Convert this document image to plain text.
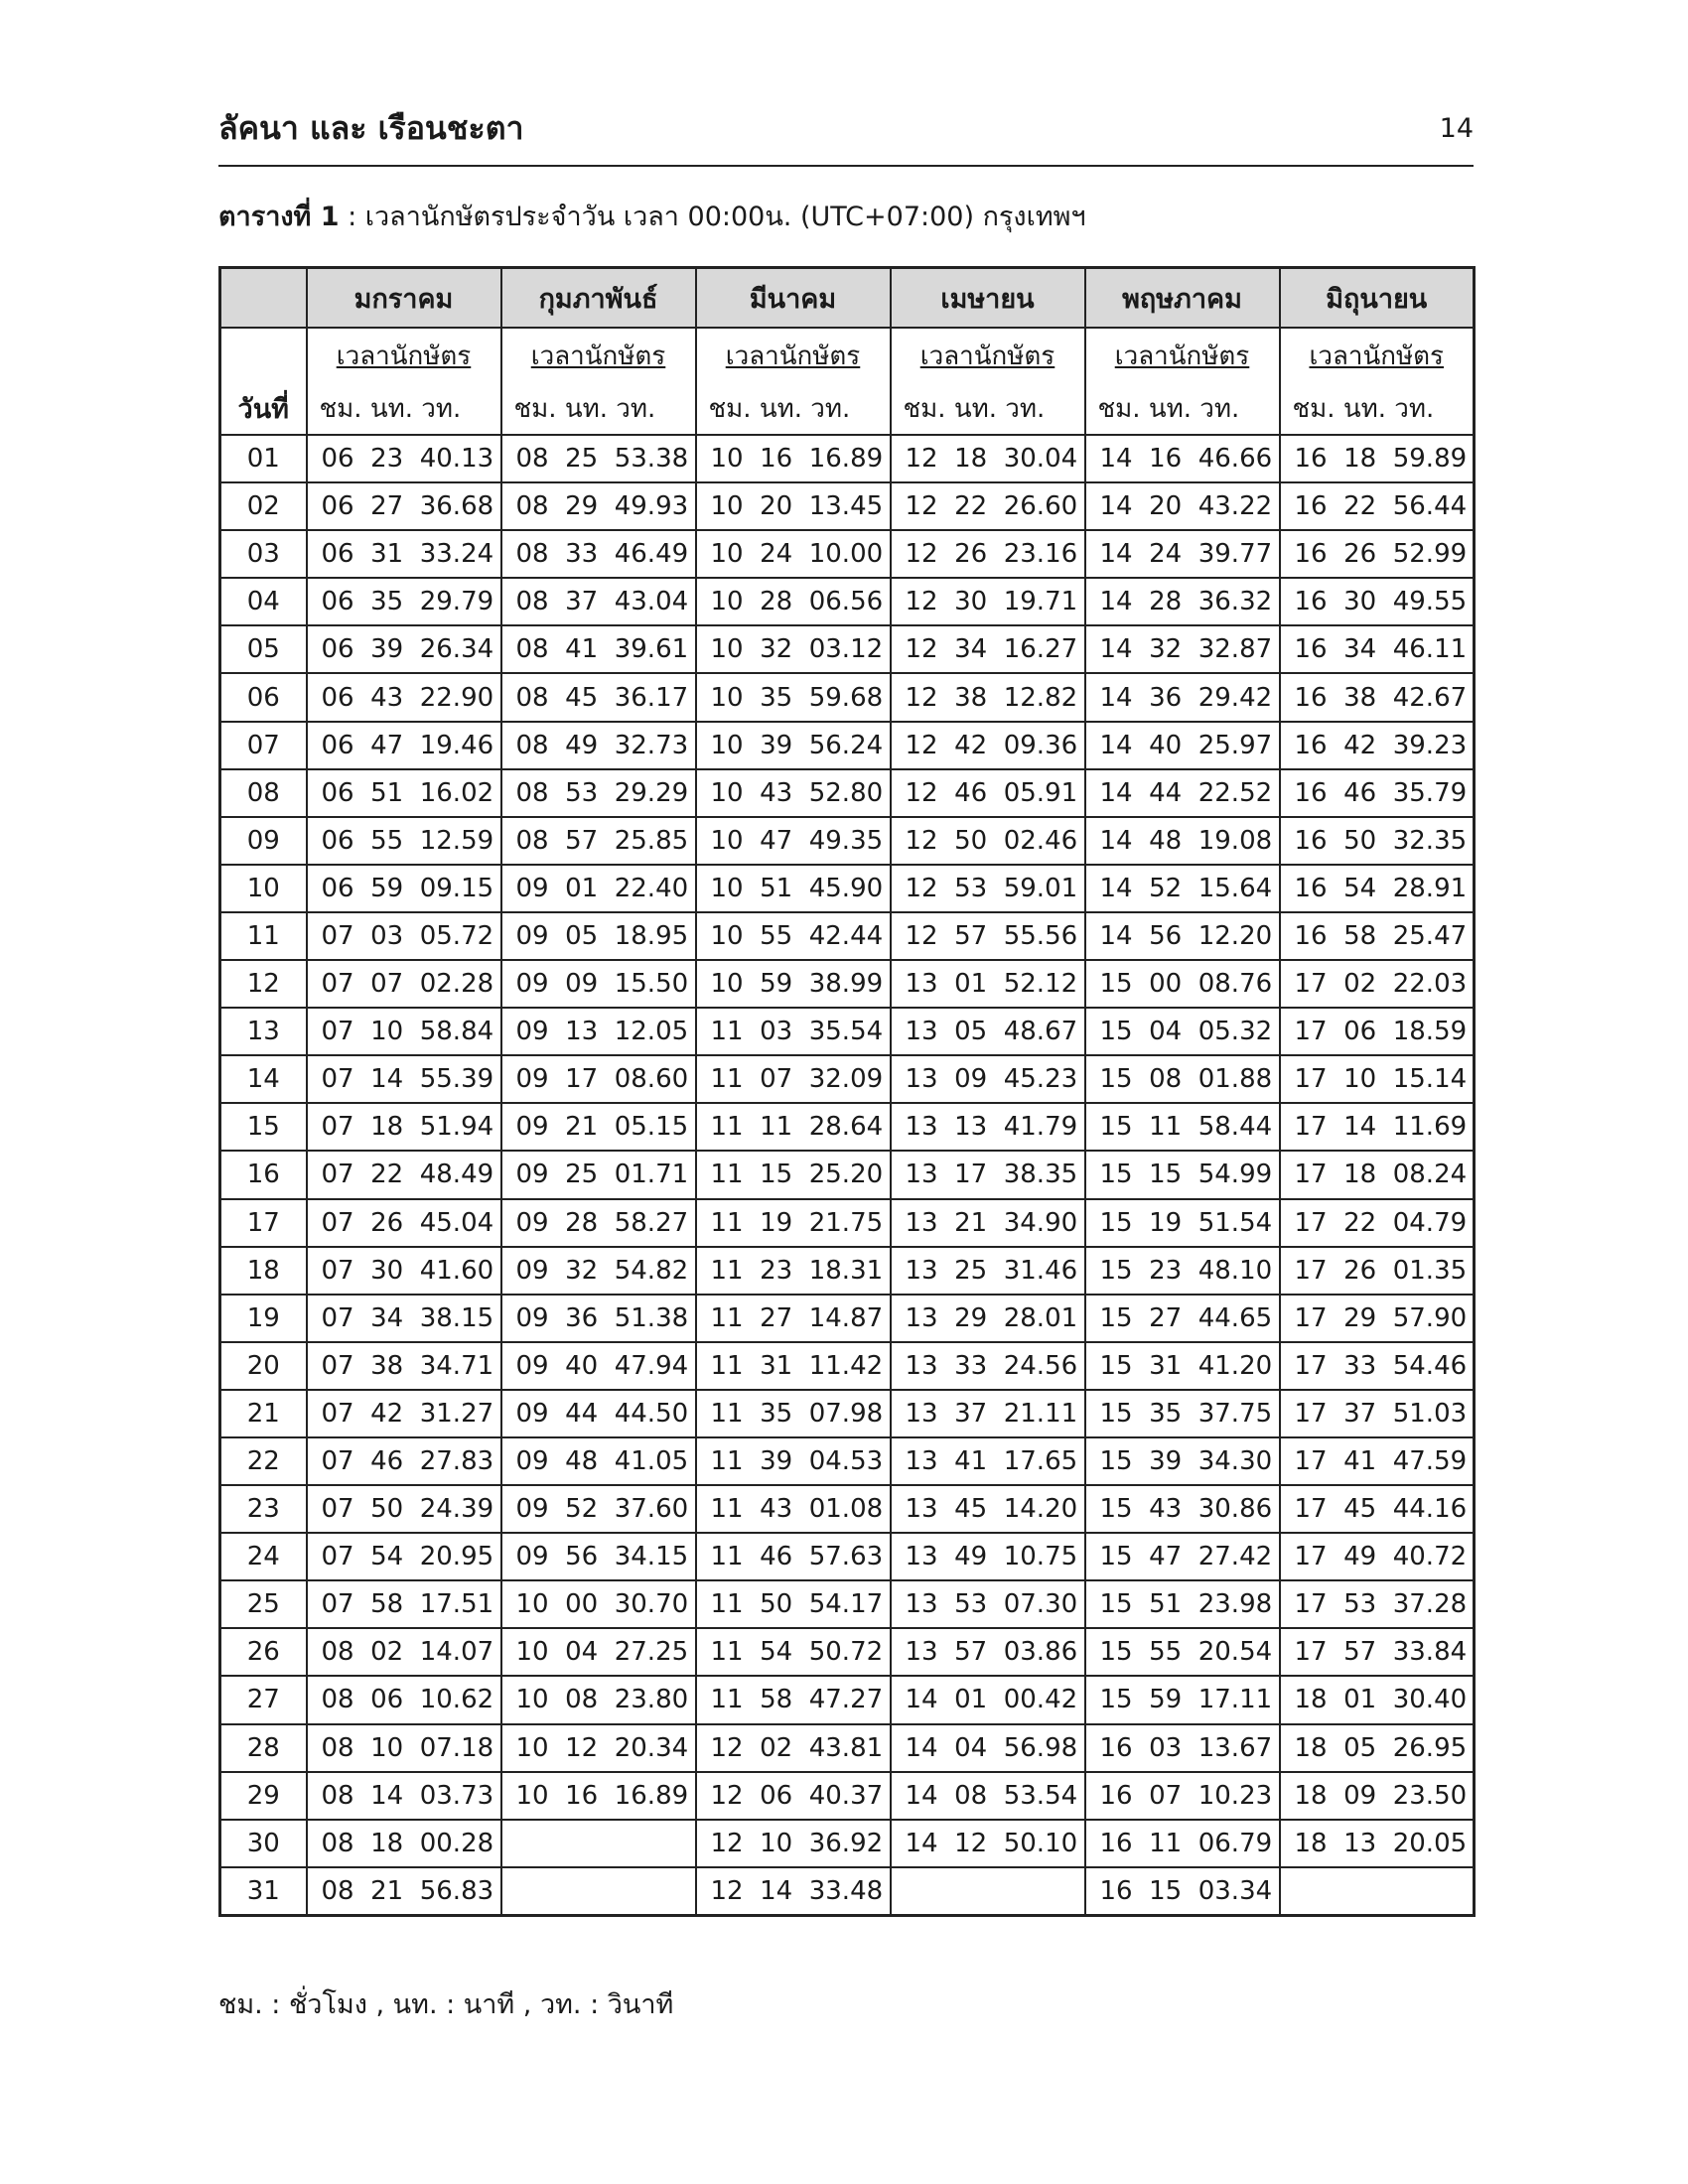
ลัคนา และ เรือนชะตา	14
ตารางที่ 1 : เวลานักษัตรประจำวัน เวลา 00:00น. (UTC+07:00) กรุงเทพฯ
	มกราคม	กุมภาพันธ์	มีนาคม	เมษายน	พฤษภาคม	มิถุนายน
	เวลานักษัตร	เวลานักษัตร	เวลานักษัตร	เวลานักษัตร	เวลานักษัตร	เวลานักษัตร
วันที่	ชม. นท. วท.	ชม. นท. วท.	ชม. นท. วท.	ชม. นท. วท.	ชม. นท. วท.	ชม. นท. วท.
01	06  23  40.13	08  25  53.38	10  16  16.89	12  18  30.04	14  16  46.66	16  18  59.89
02	06  27  36.68	08  29  49.93	10  20  13.45	12  22  26.60	14  20  43.22	16  22  56.44
03	06  31  33.24	08  33  46.49	10  24  10.00	12  26  23.16	14  24  39.77	16  26  52.99
04	06  35  29.79	08  37  43.04	10  28  06.56	12  30  19.71	14  28  36.32	16  30  49.55
05	06  39  26.34	08  41  39.61	10  32  03.12	12  34  16.27	14  32  32.87	16  34  46.11
06	06  43  22.90	08  45  36.17	10  35  59.68	12  38  12.82	14  36  29.42	16  38  42.67
07	06  47  19.46	08  49  32.73	10  39  56.24	12  42  09.36	14  40  25.97	16  42  39.23
08	06  51  16.02	08  53  29.29	10  43  52.80	12  46  05.91	14  44  22.52	16  46  35.79
09	06  55  12.59	08  57  25.85	10  47  49.35	12  50  02.46	14  48  19.08	16  50  32.35
10	06  59  09.15	09  01  22.40	10  51  45.90	12  53  59.01	14  52  15.64	16  54  28.91
11	07  03  05.72	09  05  18.95	10  55  42.44	12  57  55.56	14  56  12.20	16  58  25.47
12	07  07  02.28	09  09  15.50	10  59  38.99	13  01  52.12	15  00  08.76	17  02  22.03
13	07  10  58.84	09  13  12.05	11  03  35.54	13  05  48.67	15  04  05.32	17  06  18.59
14	07  14  55.39	09  17  08.60	11  07  32.09	13  09  45.23	15  08  01.88	17  10  15.14
15	07  18  51.94	09  21  05.15	11  11  28.64	13  13  41.79	15  11  58.44	17  14  11.69
16	07  22  48.49	09  25  01.71	11  15  25.20	13  17  38.35	15  15  54.99	17  18  08.24
17	07  26  45.04	09  28  58.27	11  19  21.75	13  21  34.90	15  19  51.54	17  22  04.79
18	07  30  41.60	09  32  54.82	11  23  18.31	13  25  31.46	15  23  48.10	17  26  01.35
19	07  34  38.15	09  36  51.38	11  27  14.87	13  29  28.01	15  27  44.65	17  29  57.90
20	07  38  34.71	09  40  47.94	11  31  11.42	13  33  24.56	15  31  41.20	17  33  54.46
21	07  42  31.27	09  44  44.50	11  35  07.98	13  37  21.11	15  35  37.75	17  37  51.03
22	07  46  27.83	09  48  41.05	11  39  04.53	13  41  17.65	15  39  34.30	17  41  47.59
23	07  50  24.39	09  52  37.60	11  43  01.08	13  45  14.20	15  43  30.86	17  45  44.16
24	07  54  20.95	09  56  34.15	11  46  57.63	13  49  10.75	15  47  27.42	17  49  40.72
25	07  58  17.51	10  00  30.70	11  50  54.17	13  53  07.30	15  51  23.98	17  53  37.28
26	08  02  14.07	10  04  27.25	11  54  50.72	13  57  03.86	15  55  20.54	17  57  33.84
27	08  06  10.62	10  08  23.80	11  58  47.27	14  01  00.42	15  59  17.11	18  01  30.40
28	08  10  07.18	10  12  20.34	12  02  43.81	14  04  56.98	16  03  13.67	18  05  26.95
29	08  14  03.73	10  16  16.89	12  06  40.37	14  08  53.54	16  07  10.23	18  09  23.50
30	08  18  00.28		12  10  36.92	14  12  50.10	16  11  06.79	18  13  20.05
31	08  21  56.83		12  14  33.48		16  15  03.34	
ชม. : ชั่วโมง , นท. : นาที , วท. : วินาที
